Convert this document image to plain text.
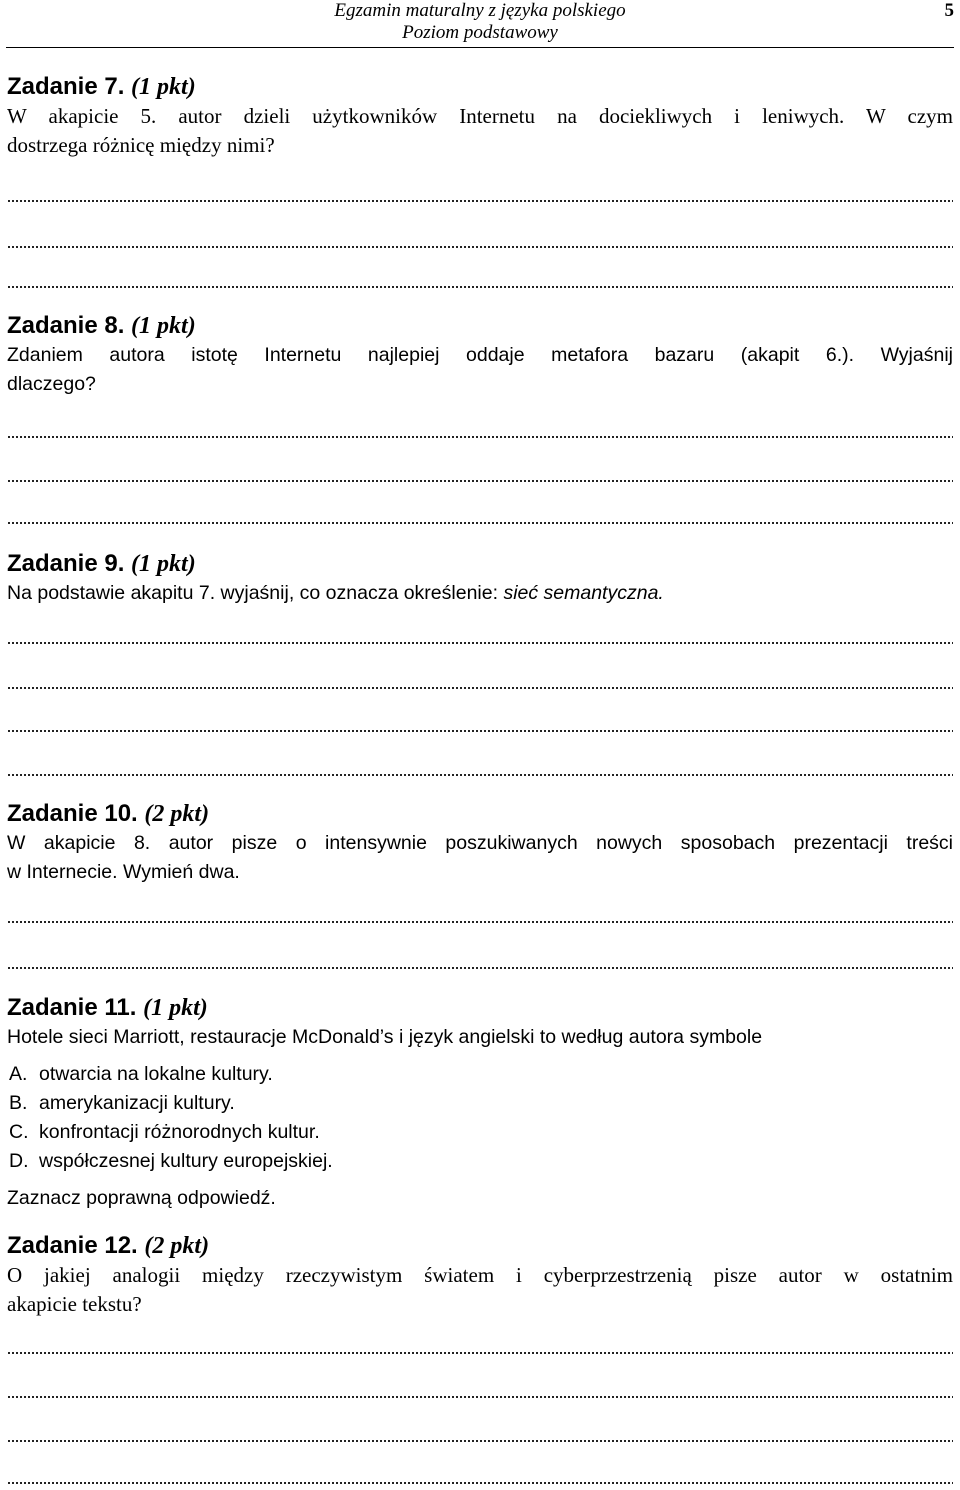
Egzamin maturalny z języka polskiego
Poziom podstawowy
5
Zadanie 7. (1 pkt)
W akapicie 5. autor dzieli użytkowników Internetu na dociekliwych i leniwych. W czym
dostrzega różnicę między nimi?
Zadanie 8. (1 pkt)
Zdaniem autora istotę Internetu najlepiej oddaje metafora bazaru (akapit 6.). Wyjaśnij
dlaczego?
Zadanie 9. (1 pkt)
Na podstawie akapitu 7. wyjaśnij, co oznacza określenie: sieć semantyczna.
Zadanie 10. (2 pkt)
W akapicie 8. autor pisze o intensywnie poszukiwanych nowych sposobach prezentacji treści
w Internecie. Wymień dwa.
Zadanie 11. (1 pkt)
Hotele sieci Marriott, restauracje McDonald’s i język angielski to według autora symbole
A. otwarcia na lokalne kultury.
B. amerykanizacji kultury.
C. konfrontacji różnorodnych kultur.
D. współczesnej kultury europejskiej.
Zaznacz poprawną odpowiedź.
Zadanie 12. (2 pkt)
O jakiej analogii między rzeczywistym światem i cyberprzestrzenią pisze autor w ostatnim
akapicie tekstu?
